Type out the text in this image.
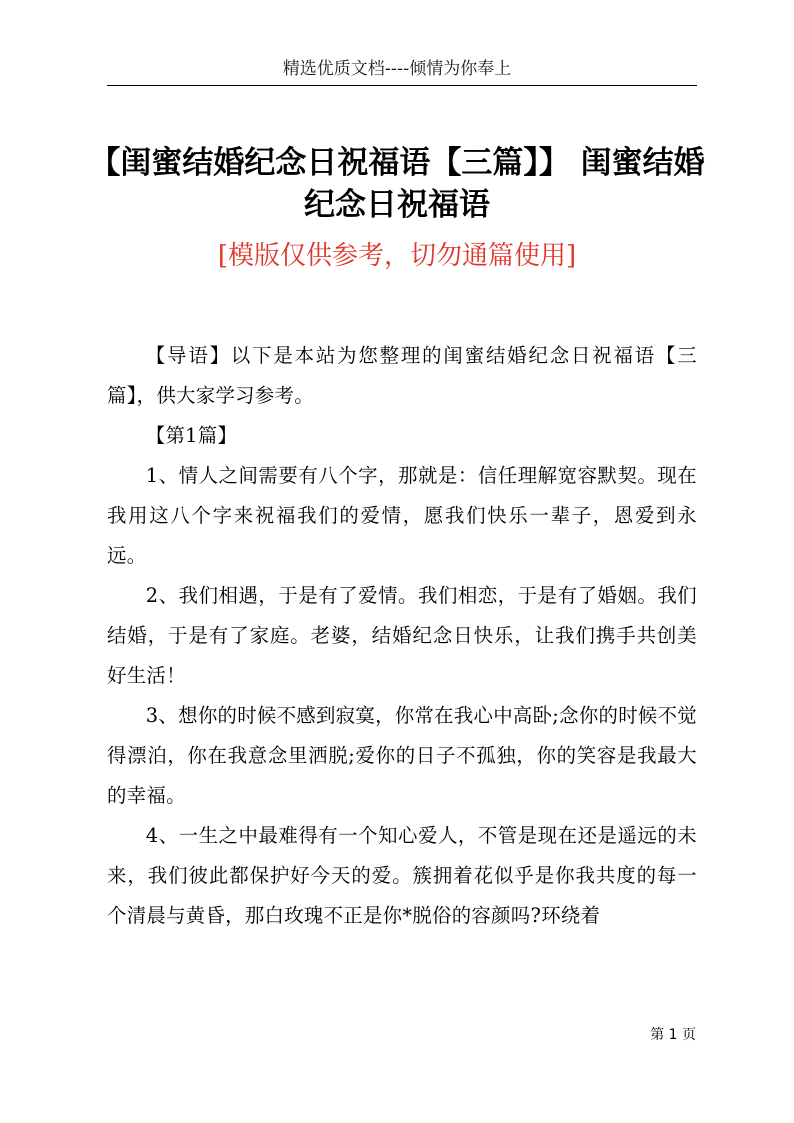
精选优质文档----倾情为你奉上
【闺蜜结婚纪念日祝福语【三篇】】 闺蜜结婚
纪念日祝福语
[模版仅供参考，切勿通篇使用]

【导语】以下是本站为您整理的闺蜜结婚纪念日祝福语【三篇】，供大家学习参考。

【第1篇】

1、情人之间需要有八个字，那就是：信任理解宽容默契。现在我用这八个字来祝福我们的爱情，愿我们快乐一辈子，恩爱到永远。

2、我们相遇，于是有了爱情。我们相恋，于是有了婚姻。我们结婚，于是有了家庭。老婆，结婚纪念日快乐，让我们携手共创美好生活！

3、想你的时候不感到寂寞，你常在我心中高卧;念你的时候不觉得漂泊，你在我意念里洒脱;爱你的日子不孤独，你的笑容是我最大的幸福。

4、一生之中最难得有一个知心爱人，不管是现在还是遥远的未来，我们彼此都保护好今天的爱。簇拥着花似乎是你我共度的每一个清晨与黄昏，那白玫瑰不正是你*脱俗的容颜吗?环绕着

第 1 页
